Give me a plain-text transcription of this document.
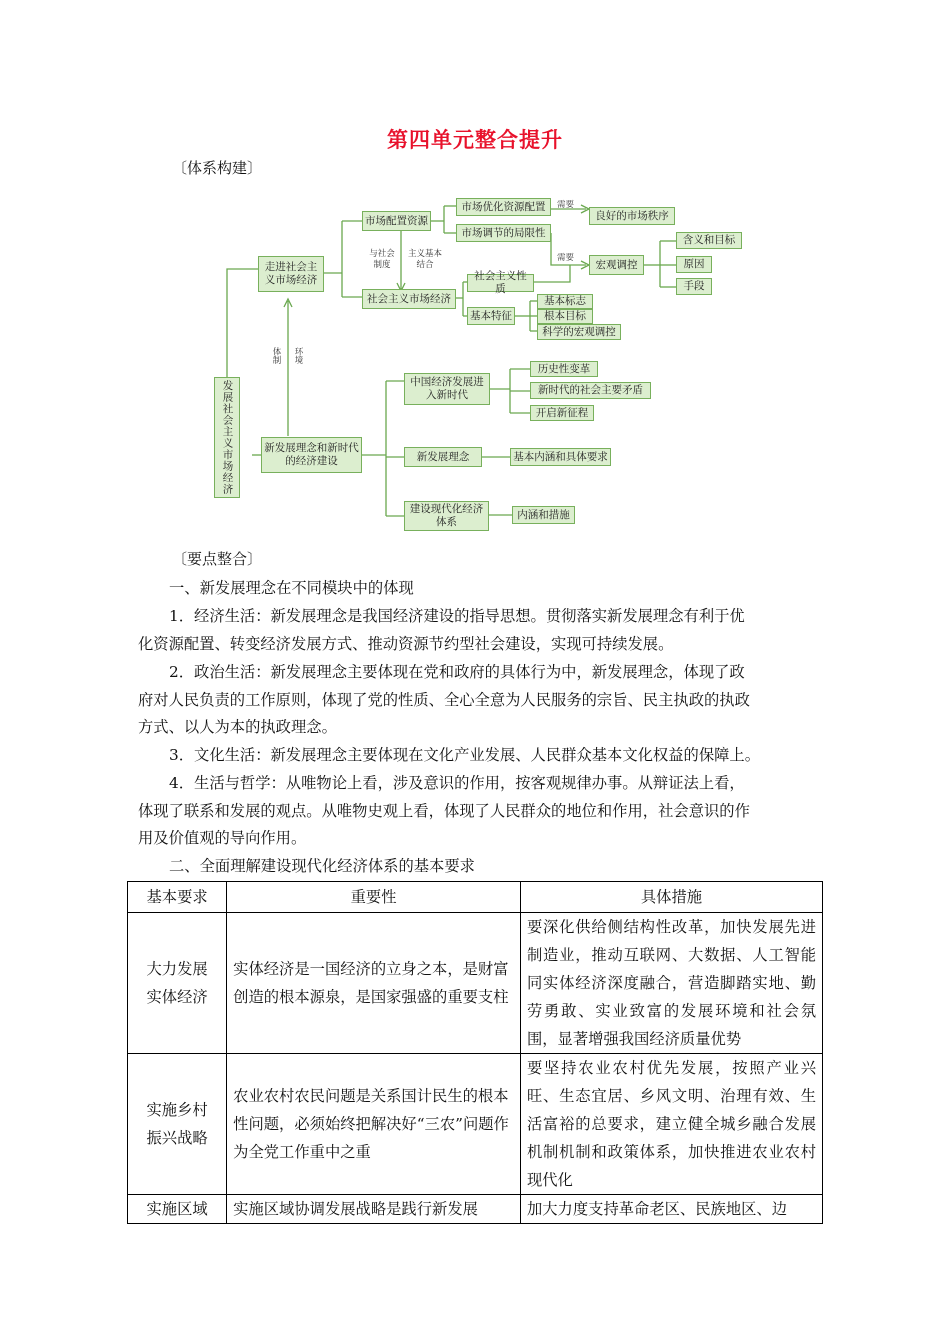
第四单元整合提升
〔体系构建〕
发展社会主义市场经济
走进社会主义市场经济
市场配置资源
市场优化资源配置
市场调节的局限性
良好的市场秩序
社会主义市场经济
社会主义性质
基本特征
基本标志
根本目标
科学的宏观调控
宏观调控
含义和目标
原因
手段
新发展理念和新时代的经济建设
中国经济发展进入新时代
历史性变革
新时代的社会主要矛盾
开启新征程
新发展理念	基本内涵和具体要求
建设现代化经济体系
内涵和措施
需要
需要
与社会制度
主义基本结合
体制 环境
〔要点整合〕
一、新发展理念在不同模块中的体现
1．经济生活：新发展理念是我国经济建设的指导思想。贯彻落实新发展理念有利于优
化资源配置、转变经济发展方式、推动资源节约型社会建设，实现可持续发展。
2．政治生活：新发展理念主要体现在党和政府的具体行为中，新发展理念，体现了政
府对人民负责的工作原则，体现了党的性质、全心全意为人民服务的宗旨、民主执政的执政
方式、以人为本的执政理念。
3．文化生活：新发展理念主要体现在文化产业发展、人民群众基本文化权益的保障上。
4．生活与哲学：从唯物论上看，涉及意识的作用，按客观规律办事。从辩证法上看，
体现了联系和发展的观点。从唯物史观上看，体现了人民群众的地位和作用，社会意识的作
用及价值观的导向作用。
二、全面理解建设现代化经济体系的基本要求
基本要求	重要性	具体措施

大力发展
实体经济	实体经济是一国经济的立身之本，是财富创造的根本源泉，是国家强盛的重要支柱	要深化供给侧结构性改革，加快发展先进制造业，推动互联网、大数据、人工智能同实体经济深度融合，营造脚踏实地、勤劳勇敢、实业致富的发展环境和社会氛围，显著增强我国经济质量优势

实施乡村
振兴战略	农业农村农民问题是关系国计民生的根本性问题，必须始终把解决好“三农”问题作为全党工作重中之重	要坚持农业农村优先发展，按照产业兴旺、生态宜居、乡风文明、治理有效、生活富裕的总要求，建立健全城乡融合发展机制机制和政策体系，加快推进农业农村现代化

实施区域	实施区域协调发展战略是践行新发展	加大力度支持革命老区、民族地区、边
